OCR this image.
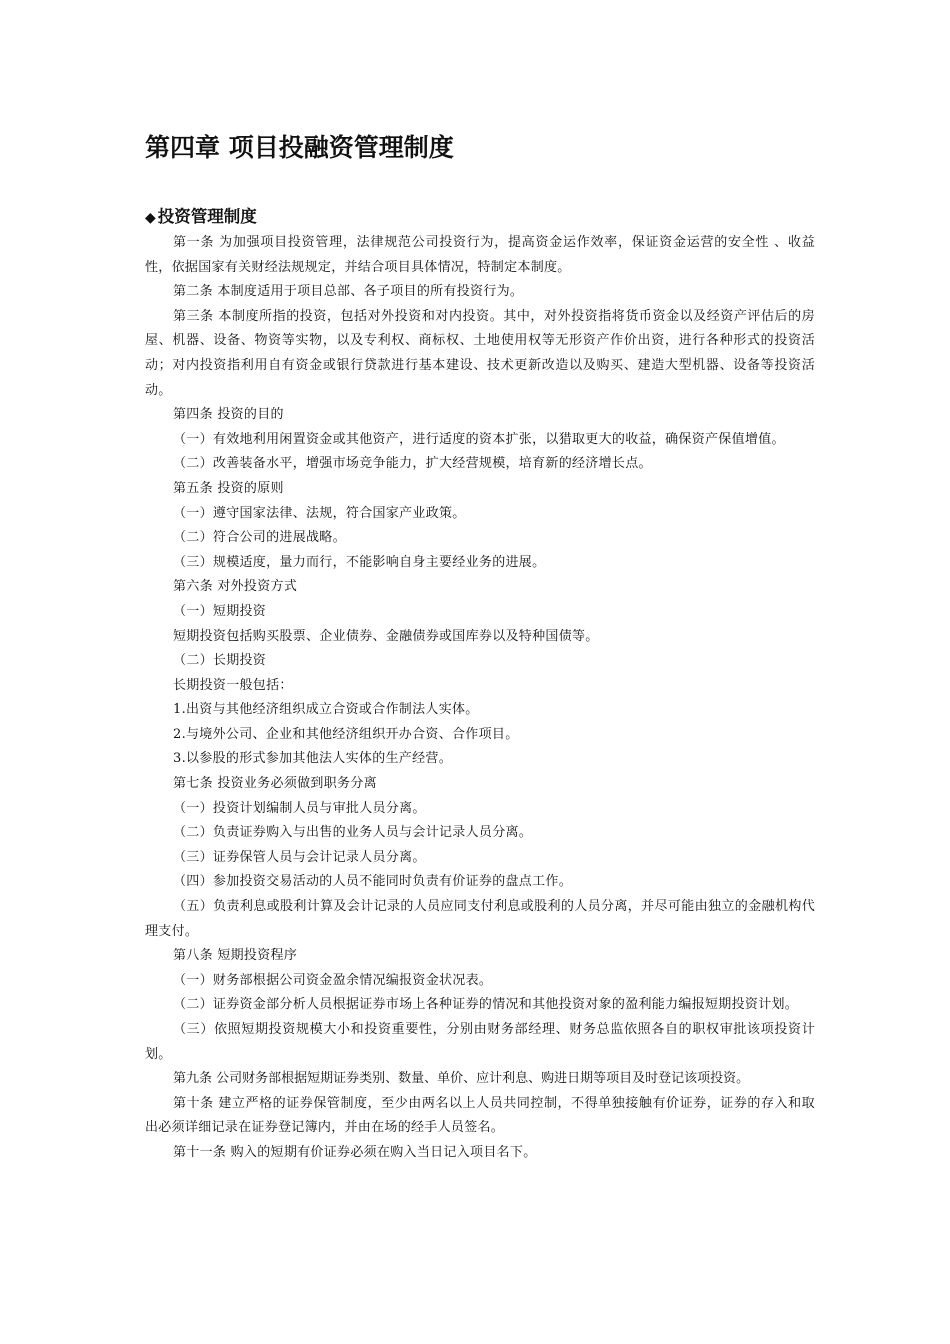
第四章 项目投融资管理制度
◆ 投资管理制度

第一条 为加强项目投资管理，法律规范公司投资行为，提高资金运作效率，保证资金运营的安全性 、收益性，依据国家有关财经法规规定，并结合项目具体情况，特制定本制度。

第二条 本制度适用于项目总部、各子项目的所有投资行为。

第三条 本制度所指的投资，包括对外投资和对内投资。其中，对外投资指将货币资金以及经资产评估后的房屋、机器、设备、物资等实物，以及专利权、商标权、土地使用权等无形资产作价出资，进行各种形式的投资活动；对内投资指利用自有资金或银行贷款进行基本建设、技术更新改造以及购买、建造大型机器、设备等投资活动。

第四条 投资的目的

（一）有效地利用闲置资金或其他资产，进行适度的资本扩张，以猎取更大的收益，确保资产保值增值。

（二）改善装备水平，增强市场竞争能力，扩大经营规模，培育新的经济增长点。

第五条 投资的原则

（一）遵守国家法律、法规，符合国家产业政策。

（二）符合公司的进展战略。

（三）规模适度，量力而行，不能影响自身主要经业务的进展。

第六条 对外投资方式

（一）短期投资

短期投资包括购买股票、企业债券、金融债券或国库券以及特种国债等。

（二）长期投资

长期投资一般包括：

1.出资与其他经济组织成立合资或合作制法人实体。

2.与境外公司、企业和其他经济组织开办合资、合作项目。

3.以参股的形式参加其他法人实体的生产经营。

第七条 投资业务必须做到职务分离

（一）投资计划编制人员与审批人员分离。

（二）负责证券购入与出售的业务人员与会计记录人员分离。

（三）证券保管人员与会计记录人员分离。

（四）参加投资交易活动的人员不能同时负责有价证券的盘点工作。

（五）负责利息或股利计算及会计记录的人员应同支付利息或股利的人员分离，并尽可能由独立的金融机构代理支付。

第八条 短期投资程序

（一）财务部根据公司资金盈余情况编报资金状况表。

（二）证券资金部分析人员根据证券市场上各种证券的情况和其他投资对象的盈利能力编报短期投资计划。

（三）依照短期投资规模大小和投资重要性，分别由财务部经理、财务总监依照各自的职权审批该项投资计划。

第九条 公司财务部根据短期证券类别、数量、单价、应计利息、购进日期等项目及时登记该项投资。

第十条 建立严格的证券保管制度，至少由两名以上人员共同控制，不得单独接触有价证券，证券的存入和取出必须详细记录在证券登记簿内，并由在场的经手人员签名。

第十一条 购入的短期有价证券必须在购入当日记入项目名下。
